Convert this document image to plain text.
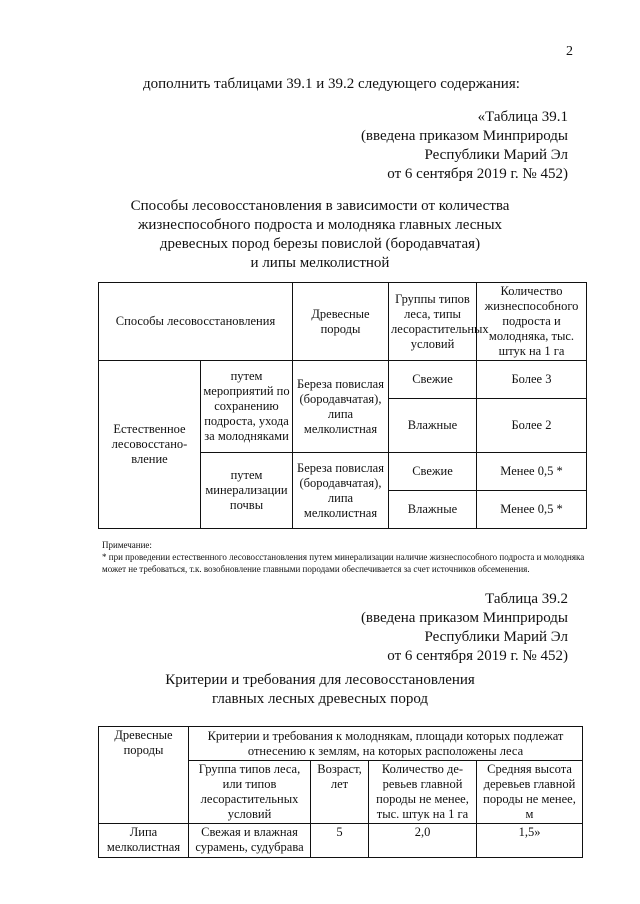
2
дополнить таблицами 39.1 и 39.2 следующего содержания:
«Таблица 39.1
(введена приказом Минприроды
Республики Марий Эл
от 6 сентября 2019 г. № 452)
Способы лесовосстановления в зависимости от количества
жизнеспособного подроста и молодняка главных лесных
древесных пород березы повислой (бородавчатая)
и липы мелколистной
Способы лесовосстановления		Древесные породы	Группы типов леса, типы лесорастительных условий	Количество жизнеспособного подроста и молодняка, тыс. штук на 1 га
Естественное лесовосстано-вление	путем мероприятий по сохранению подроста, ухода за молодняками	Береза повислая (бородавчатая), липа мелколистная	Свежие	Более 3
			Влажные	Более 2
	путем минерализации почвы	Береза повислая (бородавчатая), липа мелколистная	Свежие	Менее 0,5 *
			Влажные	Менее 0,5 *
Примечание:
* при проведении естественного лесовосстановления путем минерализации наличие жизнеспособного подроста и молодняка может не требоваться, т.к. возобновление главными породами обеспечивается за счет источников обсеменения.
Таблица 39.2
(введена приказом Минприроды
Республики Марий Эл
от 6 сентября 2019 г. № 452)
Критерии и требования для лесовосстановления
главных лесных древесных пород
Древесные породы	Критерии и требования к молоднякам, площади которых подлежат отнесению к землям, на которых расположены леса			
	Группа типов леса, или типов лесорастительных условий	Возраст, лет	Количество де-ревьев главной породы не менее, тыс. штук на 1 га	Средняя высота деревьев главной породы не менее, м
Липа мелколистная	Свежая и влажная сурамень, судубрава	5	2,0	1,5»
